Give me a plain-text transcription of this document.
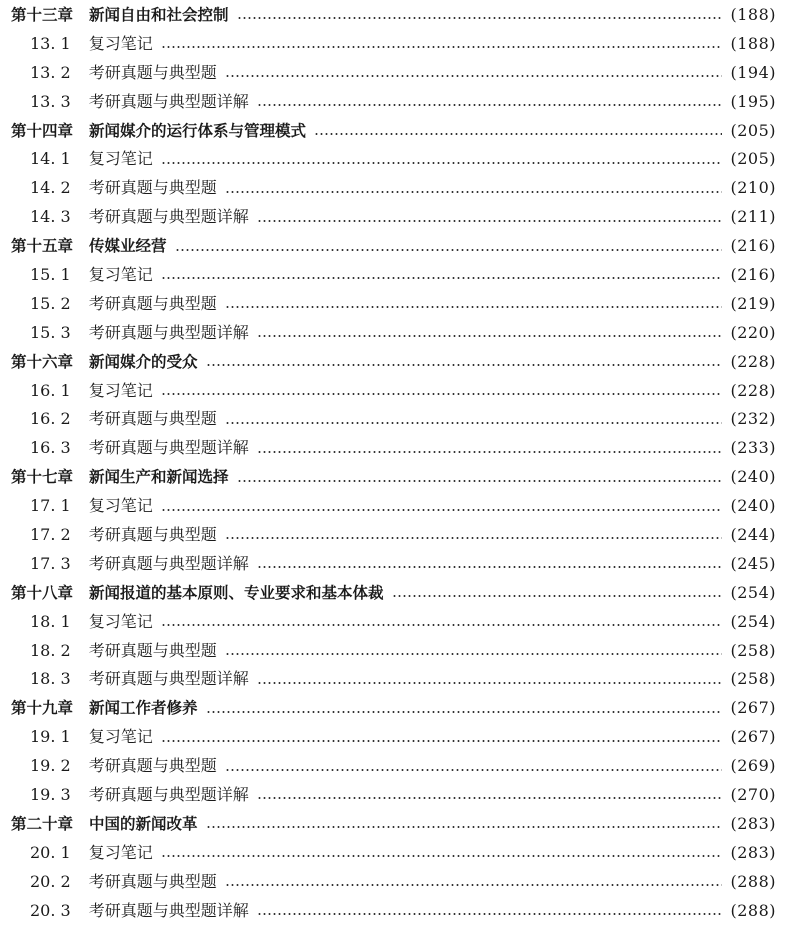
第十三章 新闻自由和社会控制	(188)
13. 1 复习笔记	(188)
13. 2 考研真题与典型题	(194)
13. 3 考研真题与典型题详解	(195)
第十四章 新闻媒介的运行体系与管理模式	(205)
14. 1 复习笔记	(205)
14. 2 考研真题与典型题	(210)
14. 3 考研真题与典型题详解	(211)
第十五章 传媒业经营	(216)
15. 1 复习笔记	(216)
15. 2 考研真题与典型题	(219)
15. 3 考研真题与典型题详解	(220)
第十六章 新闻媒介的受众	(228)
16. 1 复习笔记	(228)
16. 2 考研真题与典型题	(232)
16. 3 考研真题与典型题详解	(233)
第十七章 新闻生产和新闻选择	(240)
17. 1 复习笔记	(240)
17. 2 考研真题与典型题	(244)
17. 3 考研真题与典型题详解	(245)
第十八章 新闻报道的基本原则、专业要求和基本体裁	(254)
18. 1 复习笔记	(254)
18. 2 考研真题与典型题	(258)
18. 3 考研真题与典型题详解	(258)
第十九章 新闻工作者修养	(267)
19. 1 复习笔记	(267)
19. 2 考研真题与典型题	(269)
19. 3 考研真题与典型题详解	(270)
第二十章 中国的新闻改革	(283)
20. 1 复习笔记	(283)
20. 2 考研真题与典型题	(288)
20. 3 考研真题与典型题详解	(288)
